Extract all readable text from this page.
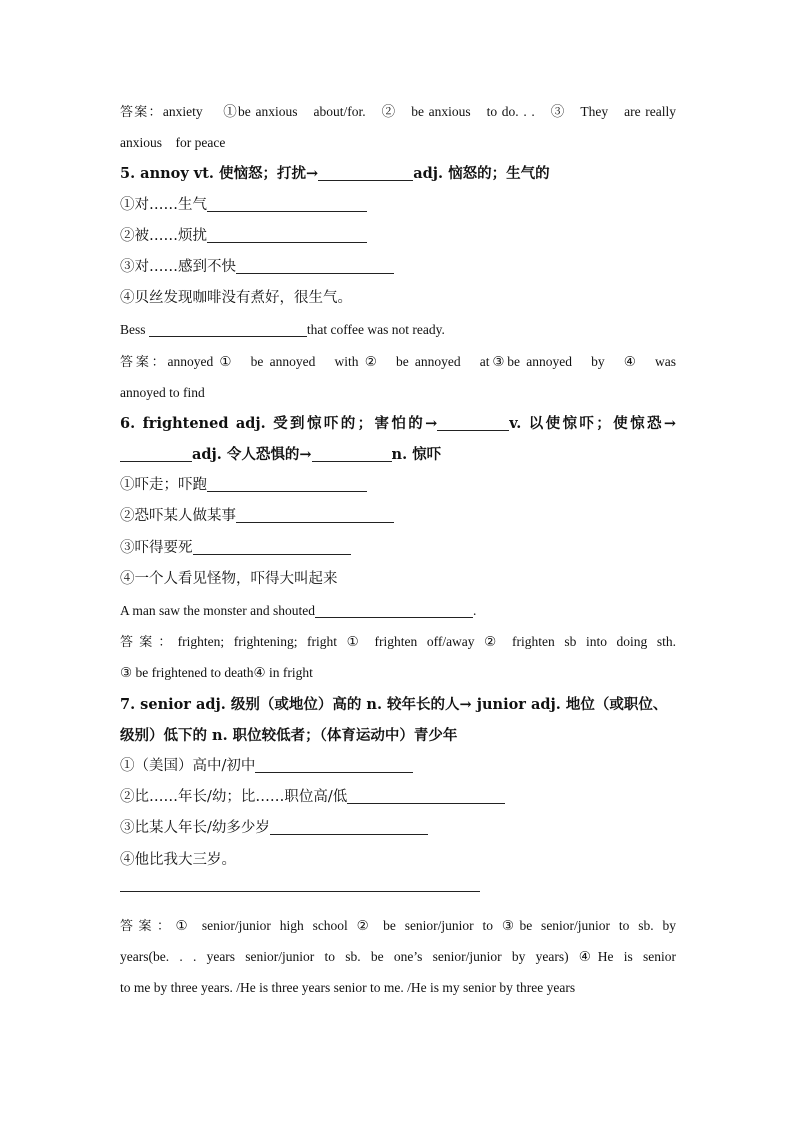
答案：anxiety　 ①be anxious　about/for.　②　be anxious　to do. . .　③　They　are really
anxious　for peace
5. annoy vt. 使恼怒；打扰→	adj. 恼怒的；生气的
①对……生气
②被……烦扰
③对……感到不快
④贝丝发现咖啡没有煮好，很生气。
Bess	that coffee was not ready.
答案：annoyed ①　be annoyed　with ②　be annoyed　at③be annoyed　by　④　was
annoyed to find
6. frightened adj. 受到惊吓的；害怕的→	v. 以使惊吓；使惊恐→
adj. 令人恐惧的→	n. 惊吓
①吓走；吓跑
②恐吓某人做某事
③吓得要死
④一个人看见怪物，吓得大叫起来
A man saw the monster and shouted	.
答案：frighten; frightening; fright ① frighten off/away ② frighten sb into doing sth.
③ be frightened to death④ in fright
7. senior adj. 级别（或地位）高的 n. 较年长的人→ junior adj. 地位（或职位、
级别）低下的 n. 职位较低者；（体育运动中）青少年
①（美国）高中/初中
②比……年长/幼；比……职位高/低
③比某人年长/幼多少岁
④他比我大三岁。
答案：① senior/junior high school ② be senior/junior to ③be senior/junior to sb. by
years(be. . . years senior/junior to sb. be one’s senior/junior by years) ④He is senior
to me by three years. /He is three years senior to me. /He is my senior by three years
